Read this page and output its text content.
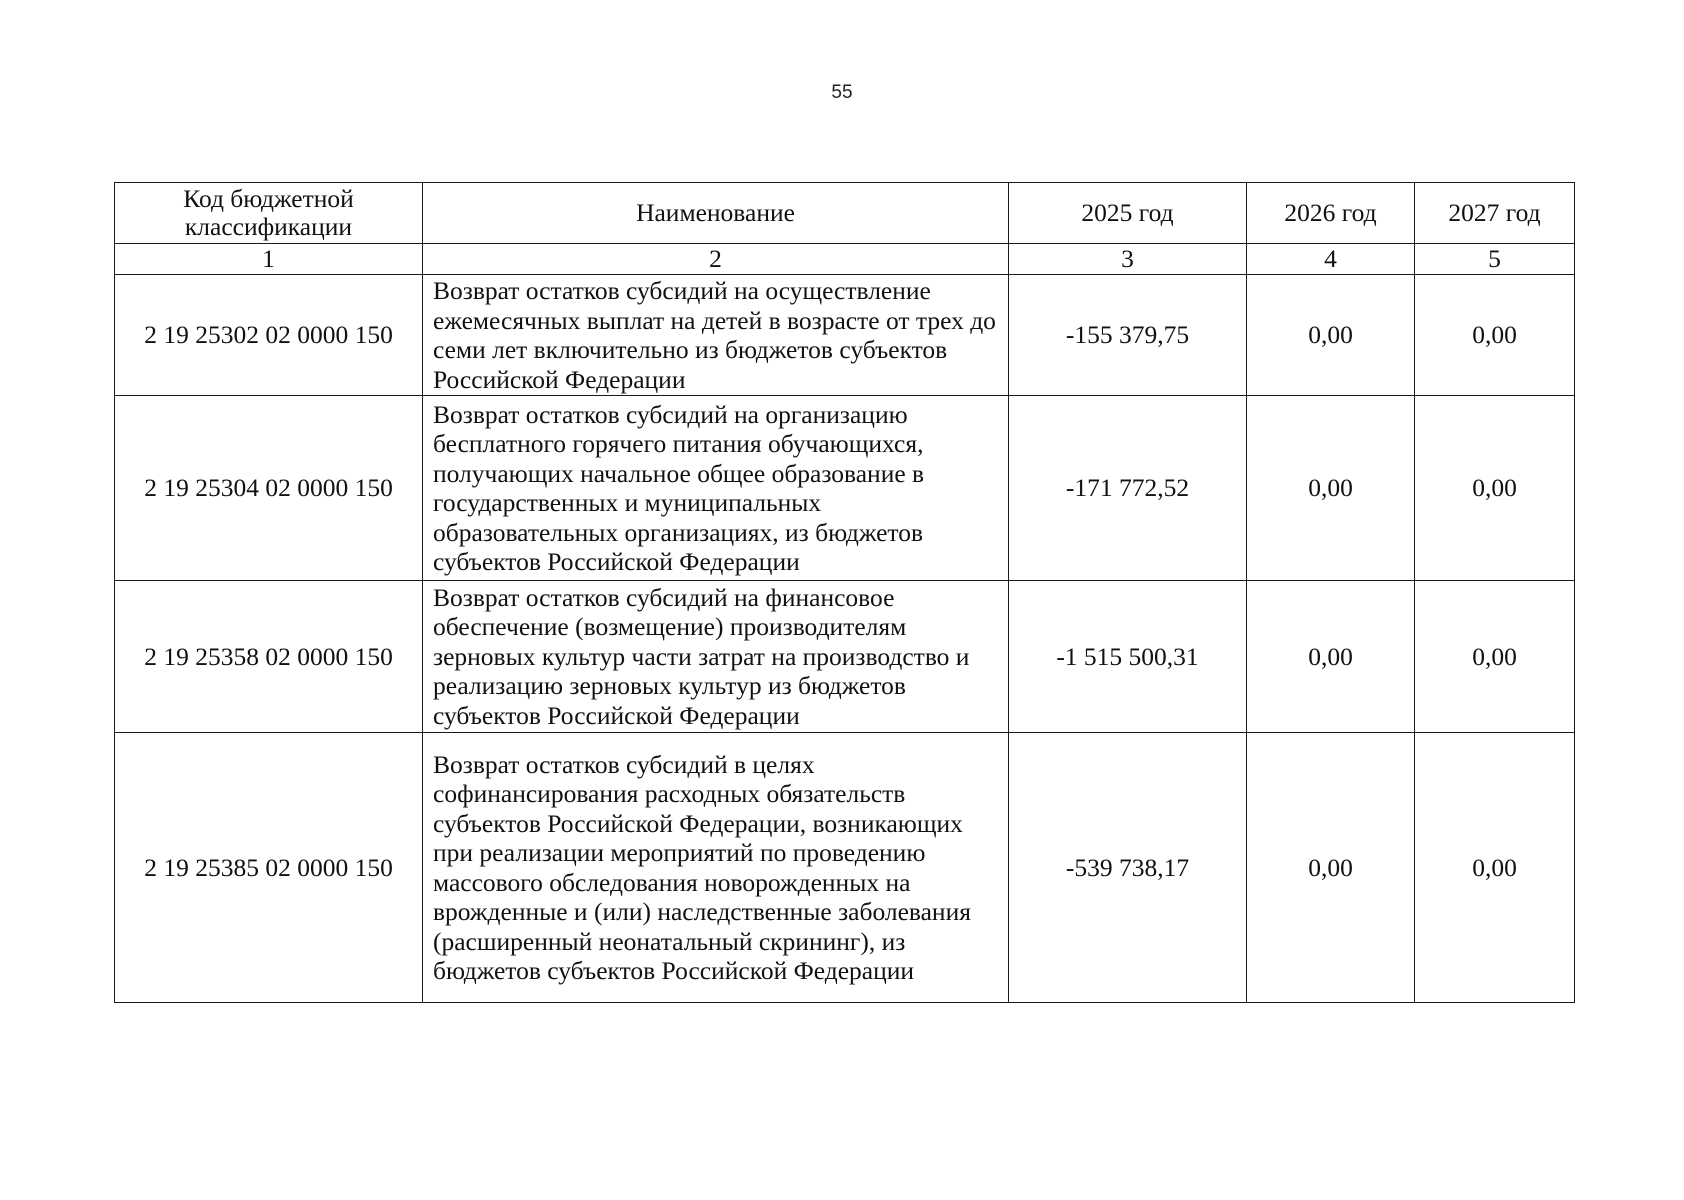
55
Код бюджетной классификации	Наименование	2025 год	2026 год	2027 год
1	2	3	4	5
2 19 25302 02 0000 150	Возврат остатков субсидий на осуществление ежемесячных выплат на детей в возрасте от трех до семи лет включительно из бюджетов субъектов Российской Федерации	-155 379,75	0,00	0,00
2 19 25304 02 0000 150	Возврат остатков субсидий на организацию бесплатного горячего питания обучающихся, получающих начальное общее образование в государственных и муниципальных образовательных организациях, из бюджетов субъектов Российской Федерации	-171 772,52	0,00	0,00
2 19 25358 02 0000 150	Возврат остатков субсидий на финансовое обеспечение (возмещение) производителям зерновых культур части затрат на производство и реализацию зерновых культур из бюджетов субъектов Российской Федерации	-1 515 500,31	0,00	0,00
2 19 25385 02 0000 150	Возврат остатков субсидий в целях софинансирования расходных обязательств субъектов Российской Федерации, возникающих при реализации мероприятий по проведению массового обследования новорожденных на врожденные и (или) наследственные заболевания (расширенный неонатальный скрининг), из бюджетов субъектов Российской Федерации	-539 738,17	0,00	0,00
